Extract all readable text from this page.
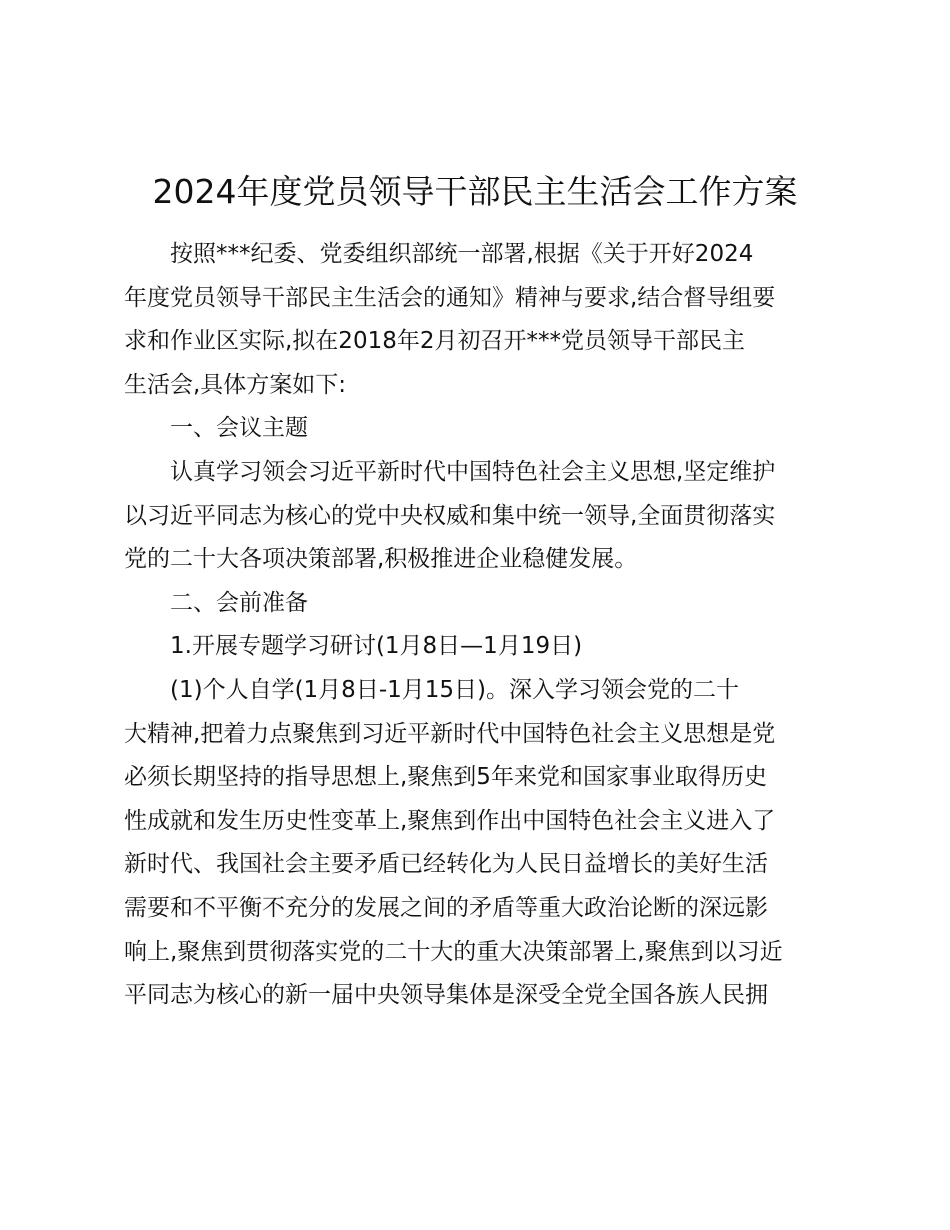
2024年度党员领导干部民主生活会工作方案
按照***纪委、党委组织部统一部署,根据《关于开好2024
年度党员领导干部民主生活会的通知》精神与要求,结合督导组要
求和作业区实际,拟在2018年2月初召开***党员领导干部民主
生活会,具体方案如下:
一、会议主题
认真学习领会习近平新时代中国特色社会主义思想,坚定维护
以习近平同志为核心的党中央权威和集中统一领导,全面贯彻落实
党的二十大各项决策部署,积极推进企业稳健发展。
二、会前准备
1.开展专题学习研讨(1月8日—1月19日)
(1)个人自学(1月8日-1月15日)。深入学习领会党的二十
大精神,把着力点聚焦到习近平新时代中国特色社会主义思想是党
必须长期坚持的指导思想上,聚焦到5年来党和国家事业取得历史
性成就和发生历史性变革上,聚焦到作出中国特色社会主义进入了
新时代、我国社会主要矛盾已经转化为人民日益增长的美好生活
需要和不平衡不充分的发展之间的矛盾等重大政治论断的深远影
响上,聚焦到贯彻落实党的二十大的重大决策部署上,聚焦到以习近
平同志为核心的新一届中央领导集体是深受全党全国各族人民拥
